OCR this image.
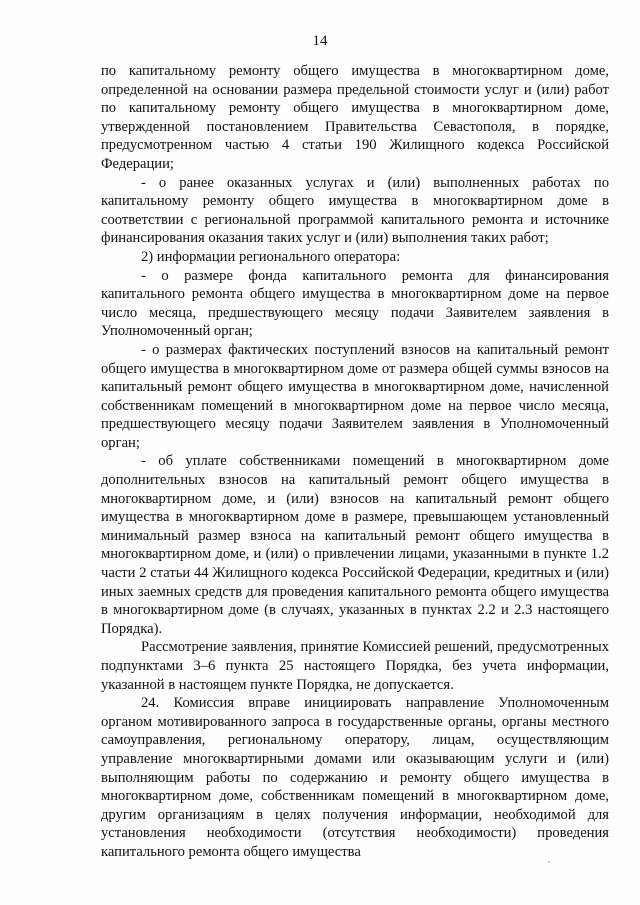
14

по капитальному ремонту общего имущества в многоквартирном доме, определенной на основании размера предельной стоимости услуг и (или) работ по капитальному ремонту общего имущества в многоквартирном доме, утвержденной постановлением Правительства Севастополя, в порядке, предусмотренном частью 4 статьи 190 Жилищного кодекса Российской Федерации;

- о ранее оказанных услугах и (или) выполненных работах по капитальному ремонту общего имущества в многоквартирном доме в соответствии с региональной программой капитального ремонта и источнике финансирования оказания таких услуг и (или) выполнения таких работ;

2) информации регионального оператора:

- о размере фонда капитального ремонта для финансирования капитального ремонта общего имущества в многоквартирном доме на первое число месяца, предшествующего месяцу подачи Заявителем заявления в Уполномоченный орган;

- о размерах фактических поступлений взносов на капитальный ремонт общего имущества в многоквартирном доме от размера общей суммы взносов на капитальный ремонт общего имущества в многоквартирном доме, начисленной собственникам помещений в многоквартирном доме на первое число месяца, предшествующего месяцу подачи Заявителем заявления в Уполномоченный орган;

- об уплате собственниками помещений в многоквартирном доме дополнительных взносов на капитальный ремонт общего имущества в многоквартирном доме, и (или) взносов на капитальный ремонт общего имущества в многоквартирном доме в размере, превышающем установленный минимальный размер взноса на капитальный ремонт общего имущества в многоквартирном доме, и (или) о привлечении лицами, указанными в пункте 1.2 части 2 статьи 44 Жилищного кодекса Российской Федерации, кредитных и (или) иных заемных средств для проведения капитального ремонта общего имущества в многоквартирном доме (в случаях, указанных в пунктах 2.2 и 2.3 настоящего Порядка).

Рассмотрение заявления, принятие Комиссией решений, предусмотренных подпунктами 3–6 пункта 25 настоящего Порядка, без учета информации, указанной в настоящем пункте Порядка, не допускается.

24. Комиссия вправе инициировать направление Уполномоченным органом мотивированного запроса в государственные органы, органы местного самоуправления, региональному оператору, лицам, осуществляющим управление многоквартирными домами или оказывающим услуги и (или) выполняющим работы по содержанию и ремонту общего имущества в многоквартирном доме, собственникам помещений в многоквартирном доме, другим организациям в целях получения информации, необходимой для установления необходимости (отсутствия необходимости) проведения капитального ремонта общего имущества
